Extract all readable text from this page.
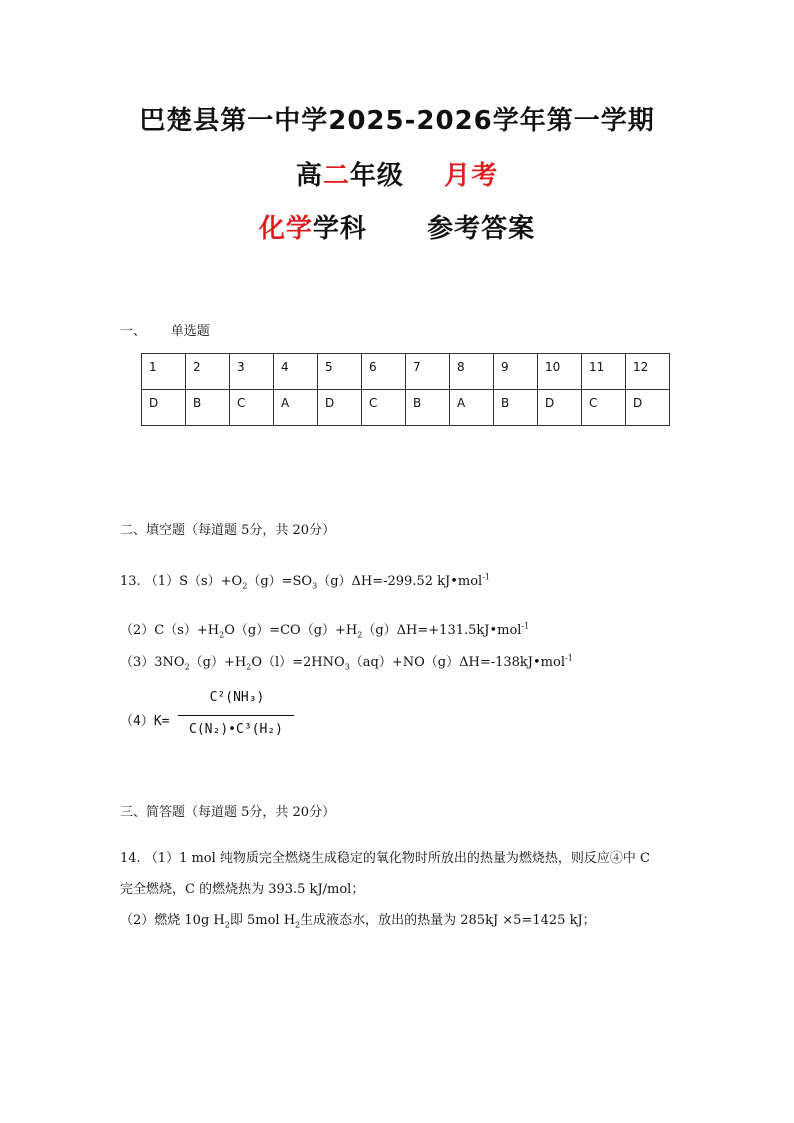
巴楚县第一中学2025-2026学年第一学期
高二年级 月考
化学学科 参考答案
一、      单选题
1	2	3	4	5	6	7	8	9	10	11	12
D	B	C	A	D	C	B	A	B	D	C	D
二、填空题（每道题 5分，共 20分）
13. $(1)S(s)+O_2(g)=SO_3(g)\Delta H=-299.52$ kJ•mol$^{-1}$
$(2)C(s)+H_2O(g)=CO(g)+H_2(g)\Delta H=+131.5kJ•mol^{-1}$
$(3)3NO_2(g)+H_2O(l)=2HNO_3(aq)+NO(g)\Delta H=-138kJ•mol^{-1}$
（4）K=
C²(NH₃)
C(N₂)•C³(H₂)
三、简答题（每道题 5分，共 20分）
14. （1）1 mol 纯物质完全燃烧生成稳定的氧化物时所放出的热量为燃烧热，则反应④中 C
完全燃烧，C 的燃烧热为 393.5 kJ/mol；
（2）燃烧 10g $H_2$即 5mol $H_2$生成液态水，放出的热量为 285kJ ×5=1425 kJ；
